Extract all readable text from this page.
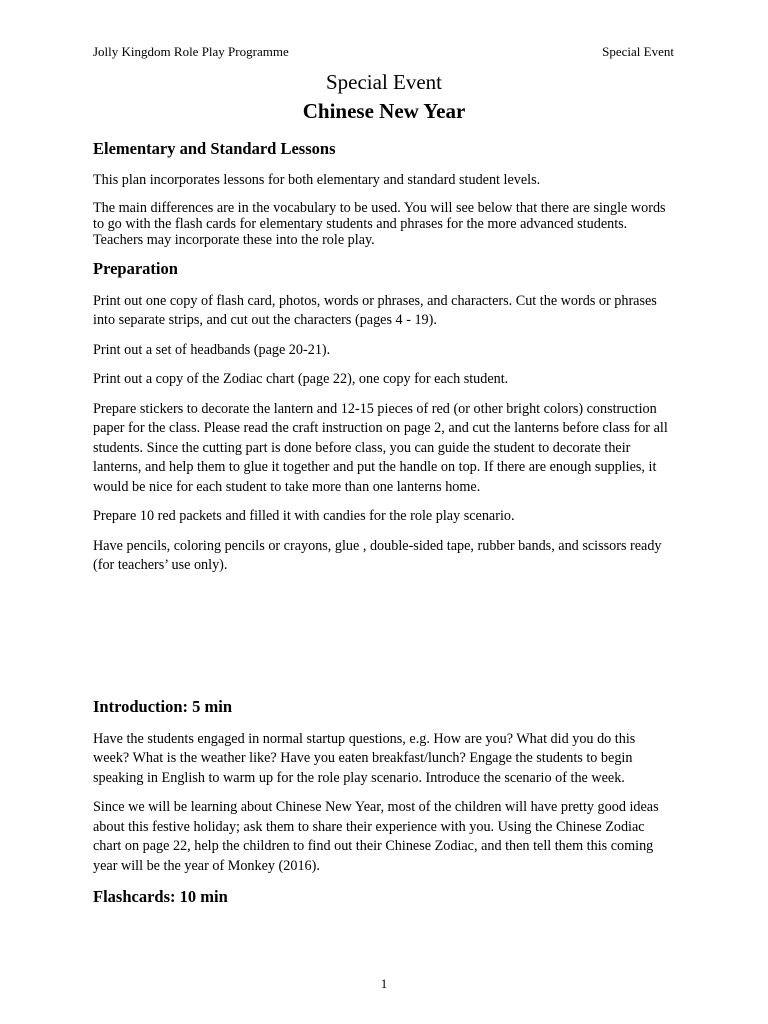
Jolly Kingdom Role Play Programme	Special Event
Special Event
Chinese New Year
Elementary and Standard Lessons

This plan incorporates lessons for both elementary and standard student levels.

The main differences are in the vocabulary to be used. You will see below that there are single words to go with the flash cards for elementary students and phrases for the more advanced students. Teachers may incorporate these into the role play.

Preparation

Print out one copy of flash card, photos, words or phrases, and characters. Cut the words or phrases into separate strips, and cut out the characters (pages 4 - 19).

Print out a set of headbands (page 20-21).

Print out a copy of the Zodiac chart (page 22), one copy for each student.

Prepare stickers to decorate the lantern and 12-15 pieces of red (or other bright colors) construction paper for the class. Please read the craft instruction on page 2, and cut the lanterns before class for all students. Since the cutting part is done before class, you can guide the student to decorate their lanterns, and help them to glue it together and put the handle on top. If there are enough supplies, it would be nice for each student to take more than one lanterns home.

Prepare 10 red packets and filled it with candies for the role play scenario.

Have pencils, coloring pencils or crayons, glue , double-sided tape, rubber bands, and scissors ready (for teachers’ use only).

Introduction: 5 min

Have the students engaged in normal startup questions, e.g. How are you? What did you do this week? What is the weather like? Have you eaten breakfast/lunch? Engage the students to begin speaking in English to warm up for the role play scenario. Introduce the scenario of the week.

Since we will be learning about Chinese New Year, most of the children will have pretty good ideas about this festive holiday; ask them to share their experience with you. Using the Chinese Zodiac chart on page 22, help the children to find out their Chinese Zodiac, and then tell them this coming year will be the year of Monkey (2016).

Flashcards: 10 min
1
